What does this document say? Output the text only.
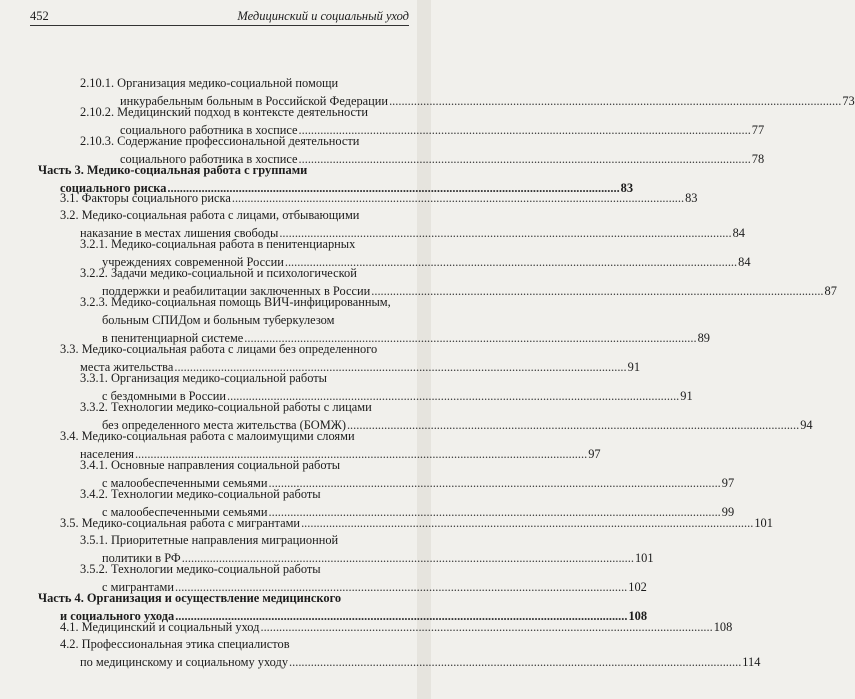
452	Медицинский и социальный уход
2.10.1. Организация медико-социальной помощи
инкурабельным больным в Российской Федерации .....	73
2.10.2. Медицинский подход в контексте деятельности
социального работника в хосписе .....	77
2.10.3. Содержание профессиональной деятельности
социального работника в хосписе .....	78
Часть 3. Медико-социальная работа с группами
социального риска .....	83
3.1. Факторы социального риска .....	83
3.2. Медико-социальная работа с лицами, отбывающими
наказание в местах лишения свободы .....	84
3.2.1. Медико-социальная работа в пенитенциарных
учреждениях современной России .....	84
3.2.2. Задачи медико-социальной и психологической
поддержки и реабилитации заключенных в России .....	87
3.2.3. Медико-социальная помощь ВИЧ-инфицированным,
больным СПИДом и больным туберкулезом
в пенитенциарной системе .....	89
3.3. Медико-социальная работа с лицами без определенного
места жительства .....	91
3.3.1. Организация медико-социальной работы
с бездомными в России .....	91
3.3.2. Технологии медико-социальной работы с лицами
без определенного места жительства (БОМЖ) .....	94
3.4. Медико-социальная работа с малоимущими слоями
населения .....	97
3.4.1. Основные направления социальной работы
с малообеспеченными семьями .....	97
3.4.2. Технологии медико-социальной работы
с малообеспеченными семьями .....	99
3.5. Медико-социальная работа с мигрантами .....	101
3.5.1. Приоритетные направления миграционной
политики в РФ .....	101
3.5.2. Технологии медико-социальной работы
с мигрантами .....	102
Часть 4. Организация и осуществление медицинского
и социального ухода .....	108
4.1. Медицинский и социальный уход .....	108
4.2. Профессиональная этика специалистов
по медицинскому и социальному уходу .....	114
